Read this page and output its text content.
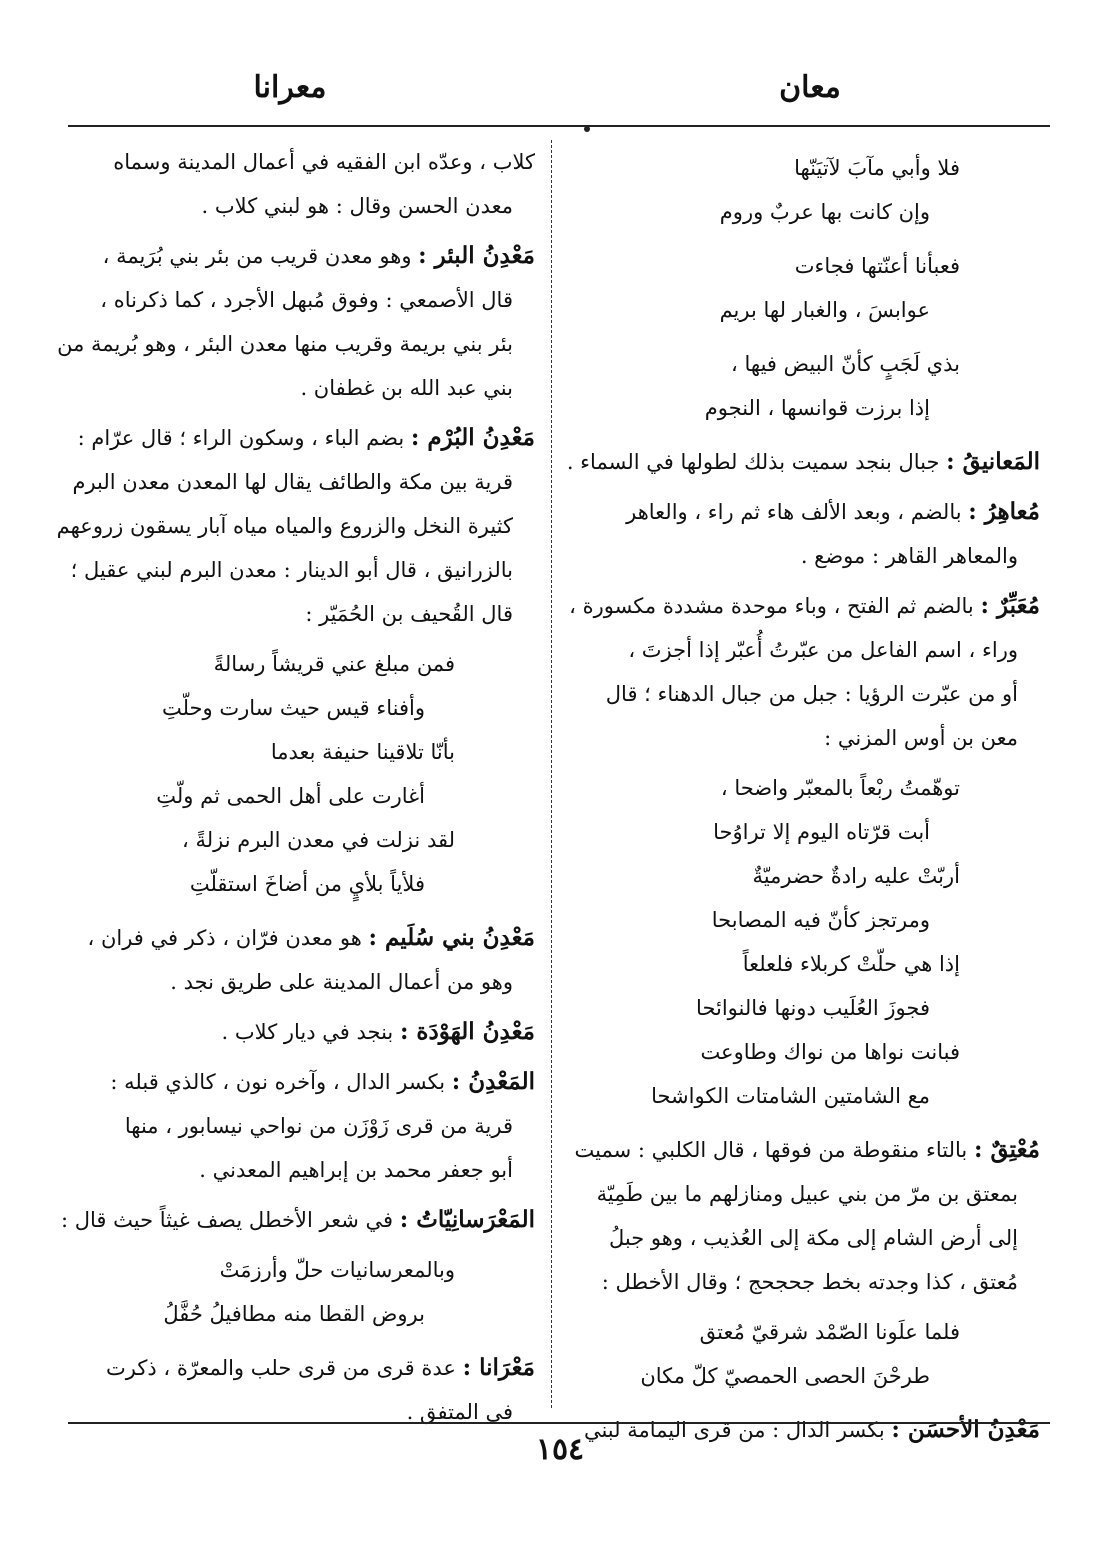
معان
معرانا
فلا وأبي مآبَ لآتيَنّها
وإن كانت بها عربٌ وروم
فعبأنا أعنّتها فجاءت
عوابسَ ، والغبار لها بريم
بذي لَجَبٍ كأنّ البيض فيها ،
إذا برزت قوانسها ، النجوم
المَعانيقُ : جبال بنجد سميت بذلك لطولها في السماء .
مُعاهِرُ : بالضم ، وبعد الألف هاء ثم راء ، والعاهر
والمعاهر القاهر : موضع .
مُعَبِّرٌ : بالضم ثم الفتح ، وباء موحدة مشددة مكسورة ،
وراء ، اسم الفاعل من عبّرتُ أُعبّر إذا أجزتَ ،
أو من عبّرت الرؤيا : جبل من جبال الدهناء ؛ قال
معن بن أوس المزني :
توهّمتُ ربْعاً بالمعبّر واضحا ،
أبت قرّتاه اليوم إلا تراوُحا
أربّتْ عليه رادةٌ حضرميّةٌ
ومرتجز كأنّ فيه المصابحا
إذا هي حلّتْ كربلاء فلعلعاً
فجوزَ العُلَيب دونها فالنوائحا
فبانت نواها من نواك وطاوعت
مع الشامتين الشامتات الكواشحا
مُعْتِقٌ : بالتاء منقوطة من فوقها ، قال الكلبي : سميت
بمعتق بن مرّ من بني عبيل ومنازلهم ما بين طَمِيّة
إلى أرض الشام إلى مكة إلى العُذيب ، وهو جبلُ
مُعتق ، كذا وجدته بخط جحجحج ؛ وقال الأخطل :
فلما علَونا الصّمْد شرقيّ مُعتق
طرحْنَ الحصى الحمصيّ كلّ مكان
مَعْدِنُ الأحسَن : بكسر الدال : من قرى اليمامة لبني
كلاب ، وعدّه ابن الفقيه في أعمال المدينة وسماه
معدن الحسن وقال : هو لبني كلاب .
مَعْدِنُ البئر : وهو معدن قريب من بئر بني بُرَيمة ،
قال الأصمعي : وفوق مُبهل الأجرد ، كما ذكرناه ،
بئر بني بريمة وقريب منها معدن البئر ، وهو بُريمة من
بني عبد الله بن غطفان .
مَعْدِنُ البُرْم : بضم الباء ، وسكون الراء ؛ قال عرّام :
قرية بين مكة والطائف يقال لها المعدن معدن البرم
كثيرة النخل والزروع والمياه مياه آبار يسقون زروعهم
بالزرانيق ، قال أبو الدينار : معدن البرم لبني عقيل ؛
قال القُحيف بن الحُمَيّر :
فمن مبلغ عني قريشاً رسالةً
وأفناء قيس حيث سارت وحلّتِ
بأنّا تلاقينا حنيفة بعدما
أغارت على أهل الحمى ثم ولّتِ
لقد نزلت في معدن البرم نزلةً ،
فلأياً بلأيٍ من أضاخَ استقلّتِ
مَعْدِنُ بني سُلَيم : هو معدن فرّان ، ذكر في فران ،
وهو من أعمال المدينة على طريق نجد .
مَعْدِنُ الهَوْدَة : بنجد في ديار كلاب .
المَعْدِنُ : بكسر الدال ، وآخره نون ، كالذي قبله :
قرية من قرى زَوْزَن من نواحي نيسابور ، منها
أبو جعفر محمد بن إبراهيم المعدني .
المَعْرَسانِيّاتُ : في شعر الأخطل يصف غيثاً حيث قال :
وبالمعرسانيات حلّ وأرزمَتْ
بروض القطا منه مطافيلُ حُفَّلُ
مَعْرَانا : عدة قرى من قرى حلب والمعرّة ، ذكرت
في المتفق .
١٥٤
